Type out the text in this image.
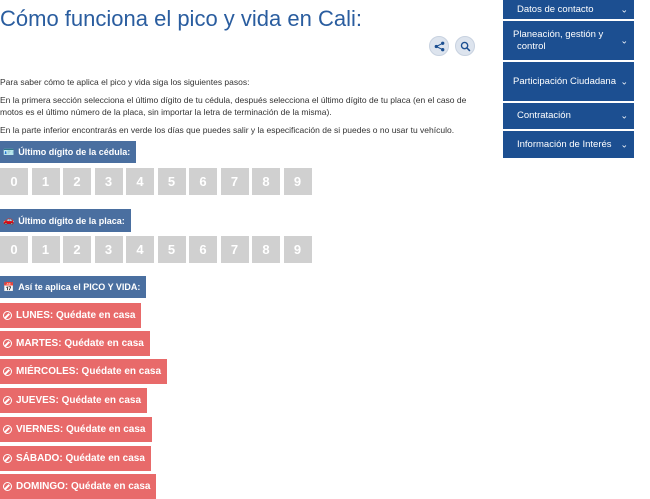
Cómo funciona el pico y vida en Cali:
Para saber cómo te aplica el pico y vida siga los siguientes pasos:
En la primera sección selecciona el último dígito de tu cédula, después selecciona el último dígito de tu placa (en el caso de motos es el último número de la placa, sin importar la letra de terminación de la misma).
En la parte inferior encontrarás en verde los días que puedes salir y la especificación de si puedes o no usar tu vehículo.
🪪 Último dígito de la cédula:
0	1	2	3	4	5	6	7	8	9
🚗 Último dígito de la placa:
0	1	2	3	4	5	6	7	8	9
📅 Así te aplica el PICO Y VIDA:
LUNES: Quédate en casa
MARTES: Quédate en casa
MIÉRCOLES: Quédate en casa
JUEVES: Quédate en casa
VIERNES: Quédate en casa
SÁBADO: Quédate en casa
DOMINGO: Quédate en casa
Datos de contacto	⌄
Planeación, gestión y control
⌄
Participación Ciudadana ⌄
Contratación	⌄
Información de Interés ⌄
